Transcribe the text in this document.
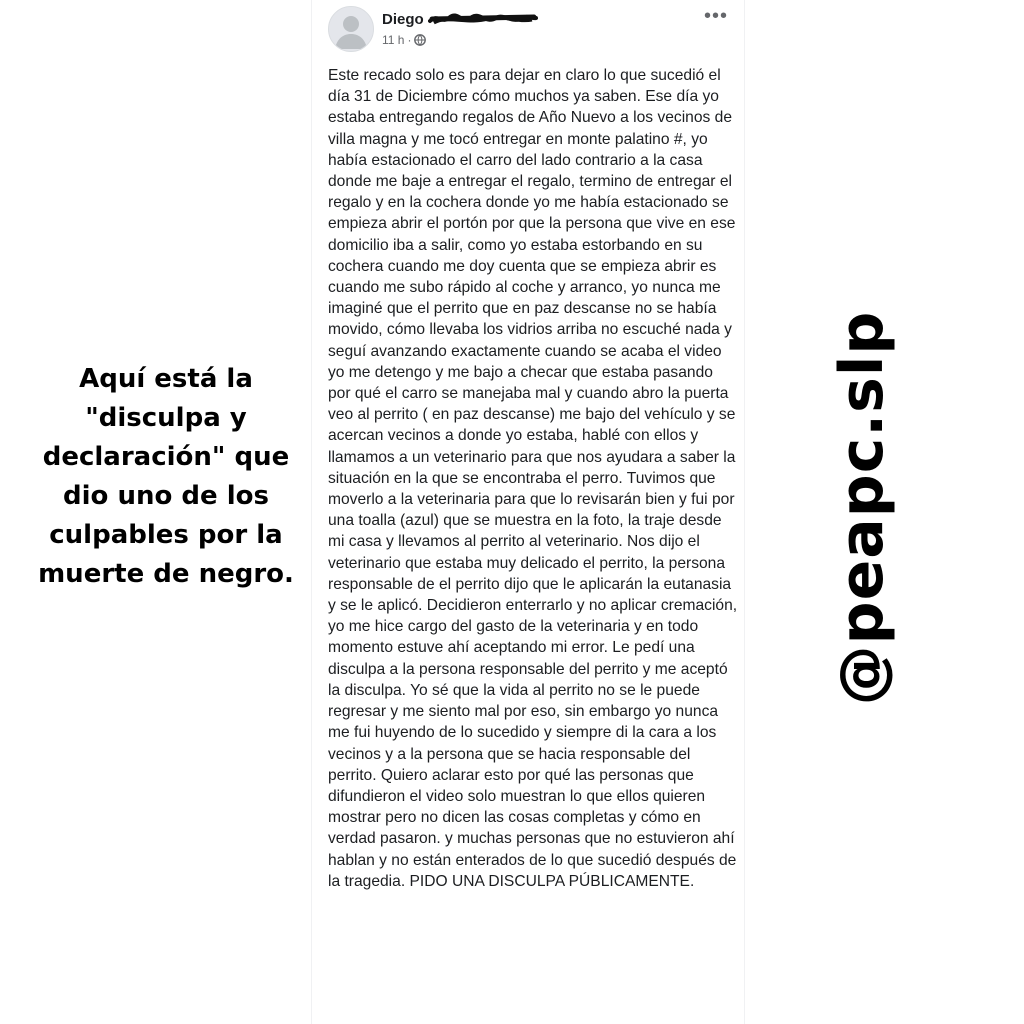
Aquí está la "disculpa y declaración" que dio uno de los culpables por la muerte de negro.	@peapc.slp
Diego
11 h ·
•••
Este recado solo es para dejar en claro lo que sucedió el día 31 de Diciembre cómo muchos ya saben. Ese día yo estaba entregando regalos de Año Nuevo a los vecinos de villa magna y me tocó entregar en monte palatino #, yo había estacionado el carro del lado contrario a la casa donde me baje a entregar el regalo, termino de entregar el regalo y en la cochera donde yo me había estacionado se empieza abrir el portón por que la persona que vive en ese domicilio iba a salir, como yo estaba estorbando en su cochera cuando me doy cuenta que se empieza abrir es cuando me subo rápido al coche y arranco, yo nunca me imaginé que el perrito que en paz descanse no se había movido, cómo llevaba los vidrios arriba no escuché nada y seguí avanzando exactamente cuando se acaba el video yo me detengo y me bajo a checar que estaba pasando por qué el carro se manejaba mal y cuando abro la puerta veo al perrito ( en paz descanse) me bajo del vehículo y se acercan vecinos a donde yo estaba, hablé con ellos y llamamos a un veterinario para que nos ayudara a saber la situación en la que se encontraba el perro. Tuvimos que moverlo a la veterinaria para que lo revisarán bien y fui por una toalla (azul) que se muestra en la foto, la traje desde mi casa y llevamos al perrito al veterinario. Nos dijo el veterinario que estaba muy delicado el perrito, la persona responsable de el perrito dijo que le aplicarán la eutanasia y se le aplicó. Decidieron enterrarlo y no aplicar cremación, yo me hice cargo del gasto de la veterinaria y en todo momento estuve ahí aceptando mi error. Le pedí una disculpa a la persona responsable del perrito y me aceptó la disculpa. Yo sé que la vida al perrito no se le puede regresar y me siento mal por eso, sin embargo yo nunca me fui huyendo de lo sucedido y siempre di la cara a los vecinos y a la persona que se hacia responsable del perrito. Quiero aclarar esto por qué las personas que difundieron el video solo muestran lo que ellos quieren mostrar pero no dicen las cosas completas y cómo en verdad pasaron. y muchas personas que no estuvieron ahí hablan y no están enterados de lo que sucedió después de la tragedia. PIDO UNA DISCULPA PÚBLICAMENTE.
